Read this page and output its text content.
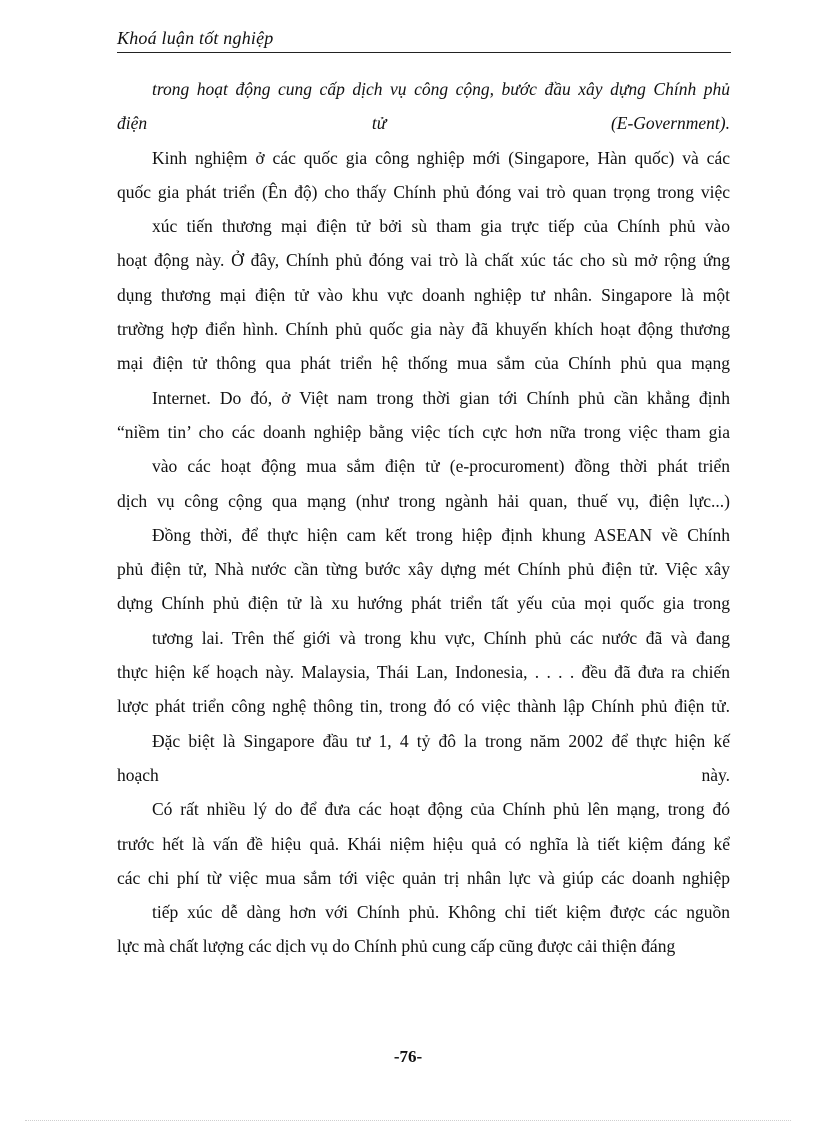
Khoá luận tốt nghiệp
trong hoạt động cung cấp dịch vụ công cộng, bước đầu xây dựng Chính phủ
điện tử (E-Government).
Kinh nghiệm ở các quốc gia công nghiệp mới (Singapore, Hàn quốc) và các
quốc gia phát triển (Ên độ) cho thấy Chính phủ đóng vai trò quan trọng trong việc
xúc tiến thương mại điện tử bởi sù tham gia trực tiếp của Chính phủ vào
hoạt động này. Ở đây, Chính phủ đóng vai trò là chất xúc tác cho sù mở rộng ứng
dụng thương mại điện tử vào khu vực doanh nghiệp tư nhân. Singapore là một
trường hợp điển hình. Chính phủ quốc gia này đã khuyến khích hoạt động thương
mại điện tử thông qua phát triển hệ thống mua sắm của Chính phủ qua mạng
Internet. Do đó, ở Việt nam trong thời gian tới Chính phủ cần khẳng định
“niềm tin’ cho các doanh nghiệp bằng việc tích cực hơn nữa trong việc tham gia
vào các hoạt động mua sắm điện tử (e-procuroment) đồng thời phát triển
dịch vụ công cộng qua mạng (như trong ngành hải quan, thuế vụ, điện lực...)
Đồng thời, để thực hiện cam kết trong hiệp định khung ASEAN về Chính
phủ điện tử, Nhà nước cần từng bước xây dựng mét Chính phủ điện tử. Việc xây
dựng Chính phủ điện tử là xu hướng phát triển tất yếu của mọi quốc gia trong
tương lai. Trên thế giới và trong khu vực, Chính phủ các nước đã và đang
thực hiện kế hoạch này. Malaysia, Thái Lan, Indonesia, . . . . đều đã đưa ra chiến
lược phát triển công nghệ thông tin, trong đó có việc thành lập Chính phủ điện tử.
Đặc biệt là Singapore đầu tư 1, 4 tỷ đô la trong năm 2002 để thực hiện kế
hoạch này.
Có rất nhiều lý do để đưa các hoạt động của Chính phủ lên mạng, trong đó
trước hết là vấn đề hiệu quả. Khái niệm hiệu quả có nghĩa là tiết kiệm đáng kể
các chi phí từ việc mua sắm tới việc quản trị nhân lực và giúp các doanh nghiệp
tiếp xúc dễ dàng hơn với Chính phủ. Không chỉ tiết kiệm được các nguồn
lực mà chất lượng các dịch vụ do Chính phủ cung cấp cũng được cải thiện đáng
-76-
